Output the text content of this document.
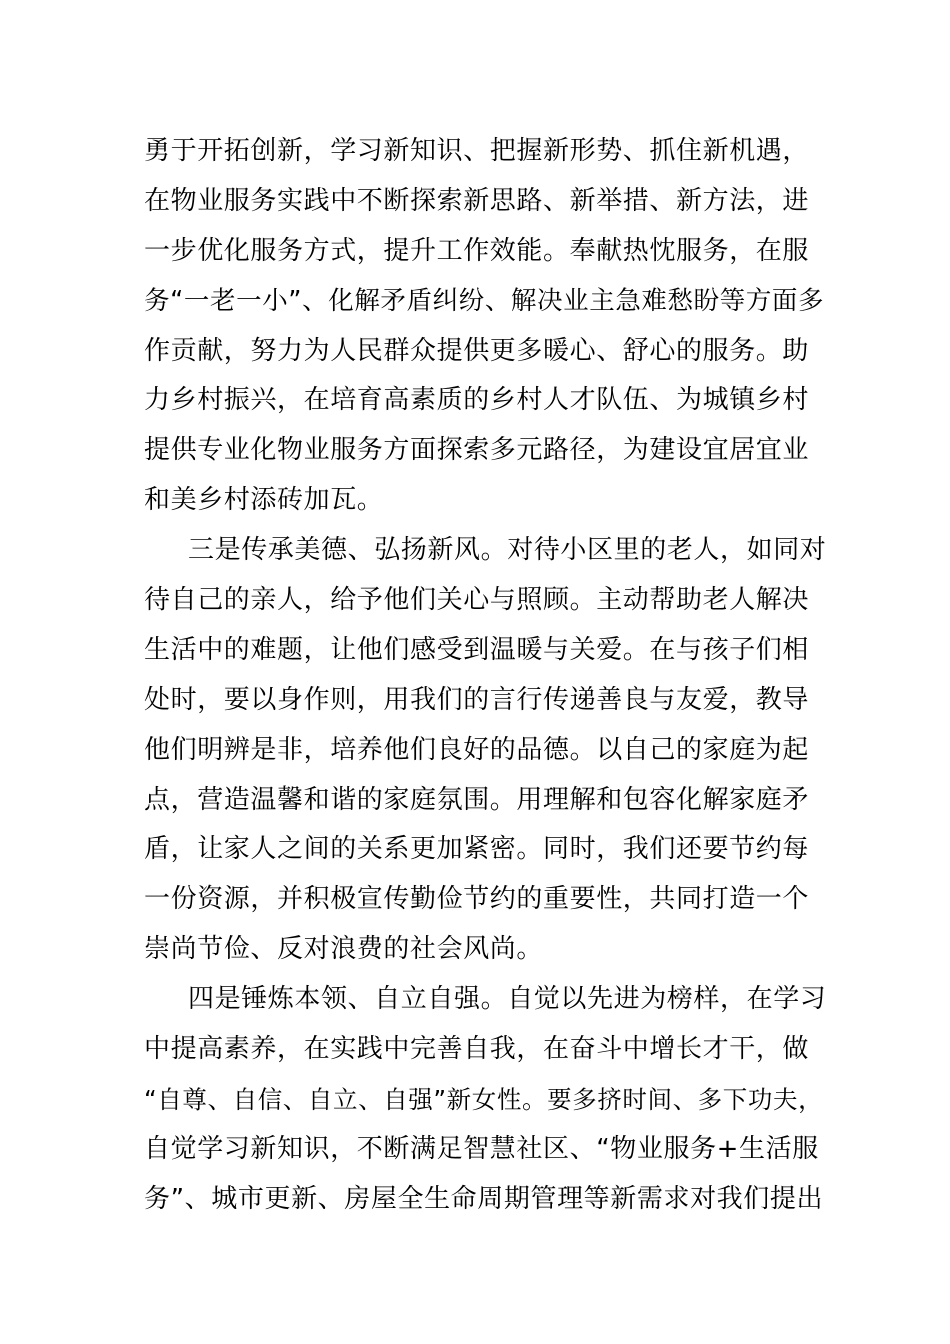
勇于开拓创新，学习新知识、把握新形势、抓住新机遇，
在物业服务实践中不断探索新思路、新举措、新方法，进
一步优化服务方式，提升工作效能。奉献热忱服务，在服
务“一老一小”、化解矛盾纠纷、解决业主急难愁盼等方面多
作贡献，努力为人民群众提供更多暖心、舒心的服务。助
力乡村振兴，在培育高素质的乡村人才队伍、为城镇乡村
提供专业化物业服务方面探索多元路径，为建设宜居宜业
和美乡村添砖加瓦。
三是传承美德、弘扬新风。对待小区里的老人，如同对
待自己的亲人，给予他们关心与照顾。主动帮助老人解决
生活中的难题，让他们感受到温暖与关爱。在与孩子们相
处时，要以身作则，用我们的言行传递善良与友爱，教导
他们明辨是非，培养他们良好的品德。以自己的家庭为起
点，营造温馨和谐的家庭氛围。用理解和包容化解家庭矛
盾，让家人之间的关系更加紧密。同时，我们还要节约每
一份资源，并积极宣传勤俭节约的重要性，共同打造一个
崇尚节俭、反对浪费的社会风尚。
四是锤炼本领、自立自强。自觉以先进为榜样，在学习
中提高素养，在实践中完善自我，在奋斗中增长才干，做
“自尊、自信、自立、自强”新女性。要多挤时间、多下功夫，
自觉学习新知识，不断满足智慧社区、“物业服务+生活服
务”、城市更新、房屋全生命周期管理等新需求对我们提出
